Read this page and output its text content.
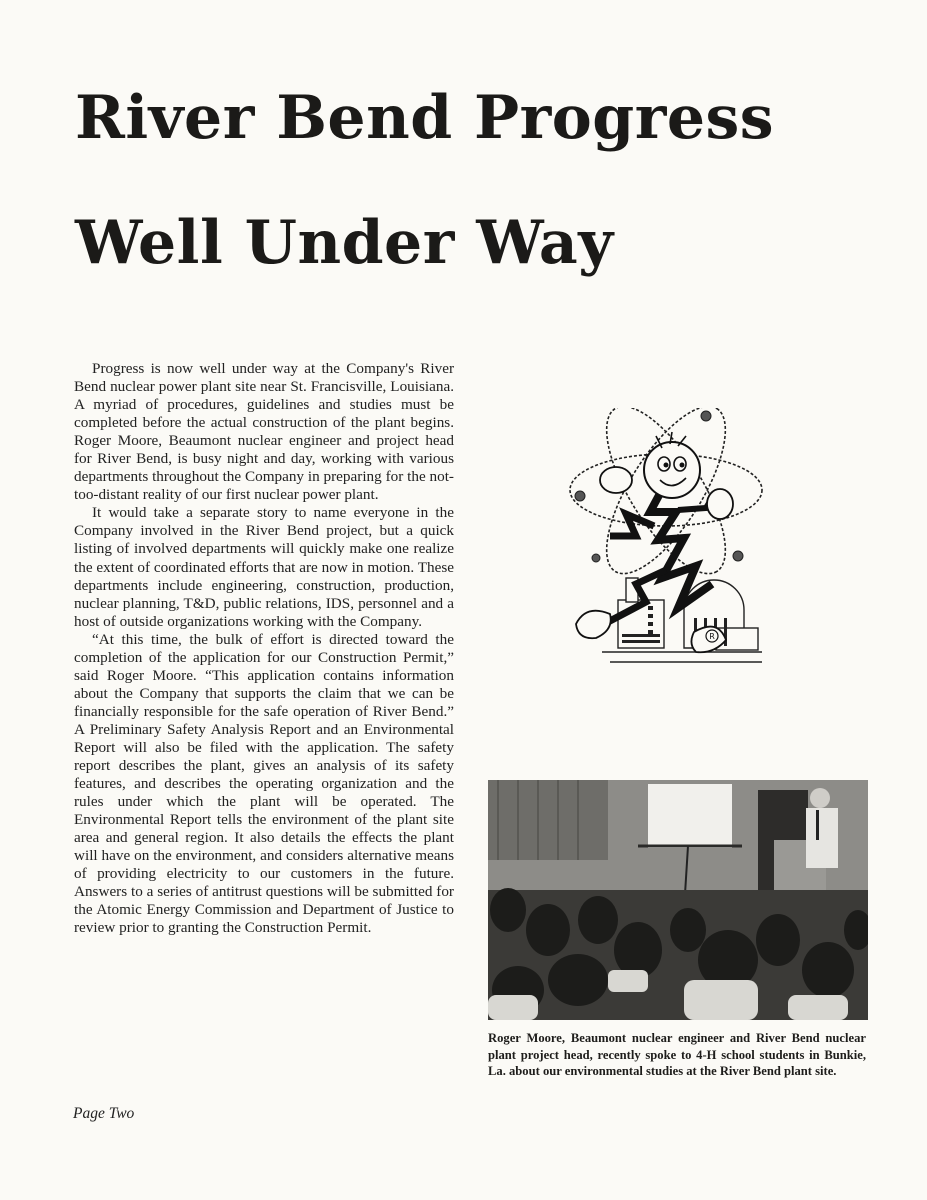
River Bend Progress
Well Under Way

Progress is now well under way at the Company's River Bend nuclear power plant site near St. Francisville, Louisiana. A myriad of procedures, guidelines and studies must be completed before the actual construction of the plant begins. Roger Moore, Beaumont nuclear engineer and project head for River Bend, is busy night and day, working with various departments throughout the Company in preparing for the not-too-distant reality of our first nuclear power plant.

It would take a separate story to name everyone in the Company involved in the River Bend project, but a quick listing of involved departments will quickly make one realize the extent of coordinated efforts that are now in motion. These departments include engineering, construction, production, nuclear planning, T&D, public relations, IDS, personnel and a host of outside organizations working with the Company.

“At this time, the bulk of effort is directed toward the completion of the application for our Construction Permit,” said Roger Moore. “This application contains information about the Company that supports the claim that we can be financially responsible for the safe operation of River Bend.” A Preliminary Safety Analysis Report and an Environmental Report will also be filed with the application. The safety report describes the plant, gives an analysis of its safety features, and describes the operating organization and the rules under which the plant will be operated. The Environmental Report tells the environment of the plant site area and general region. It also details the effects the plant will have on the environment, and considers alternative means of providing electricity to our customers in the future. Answers to a series of antitrust questions will be submitted for the Atomic Energy Commission and Department of Justice to review prior to granting the Construction Permit.

R
Roger Moore, Beaumont nuclear engineer and River Bend nuclear plant project head, recently spoke to 4-H school students in Bunkie, La. about our environmental studies at the River Bend plant site.
Page Two
